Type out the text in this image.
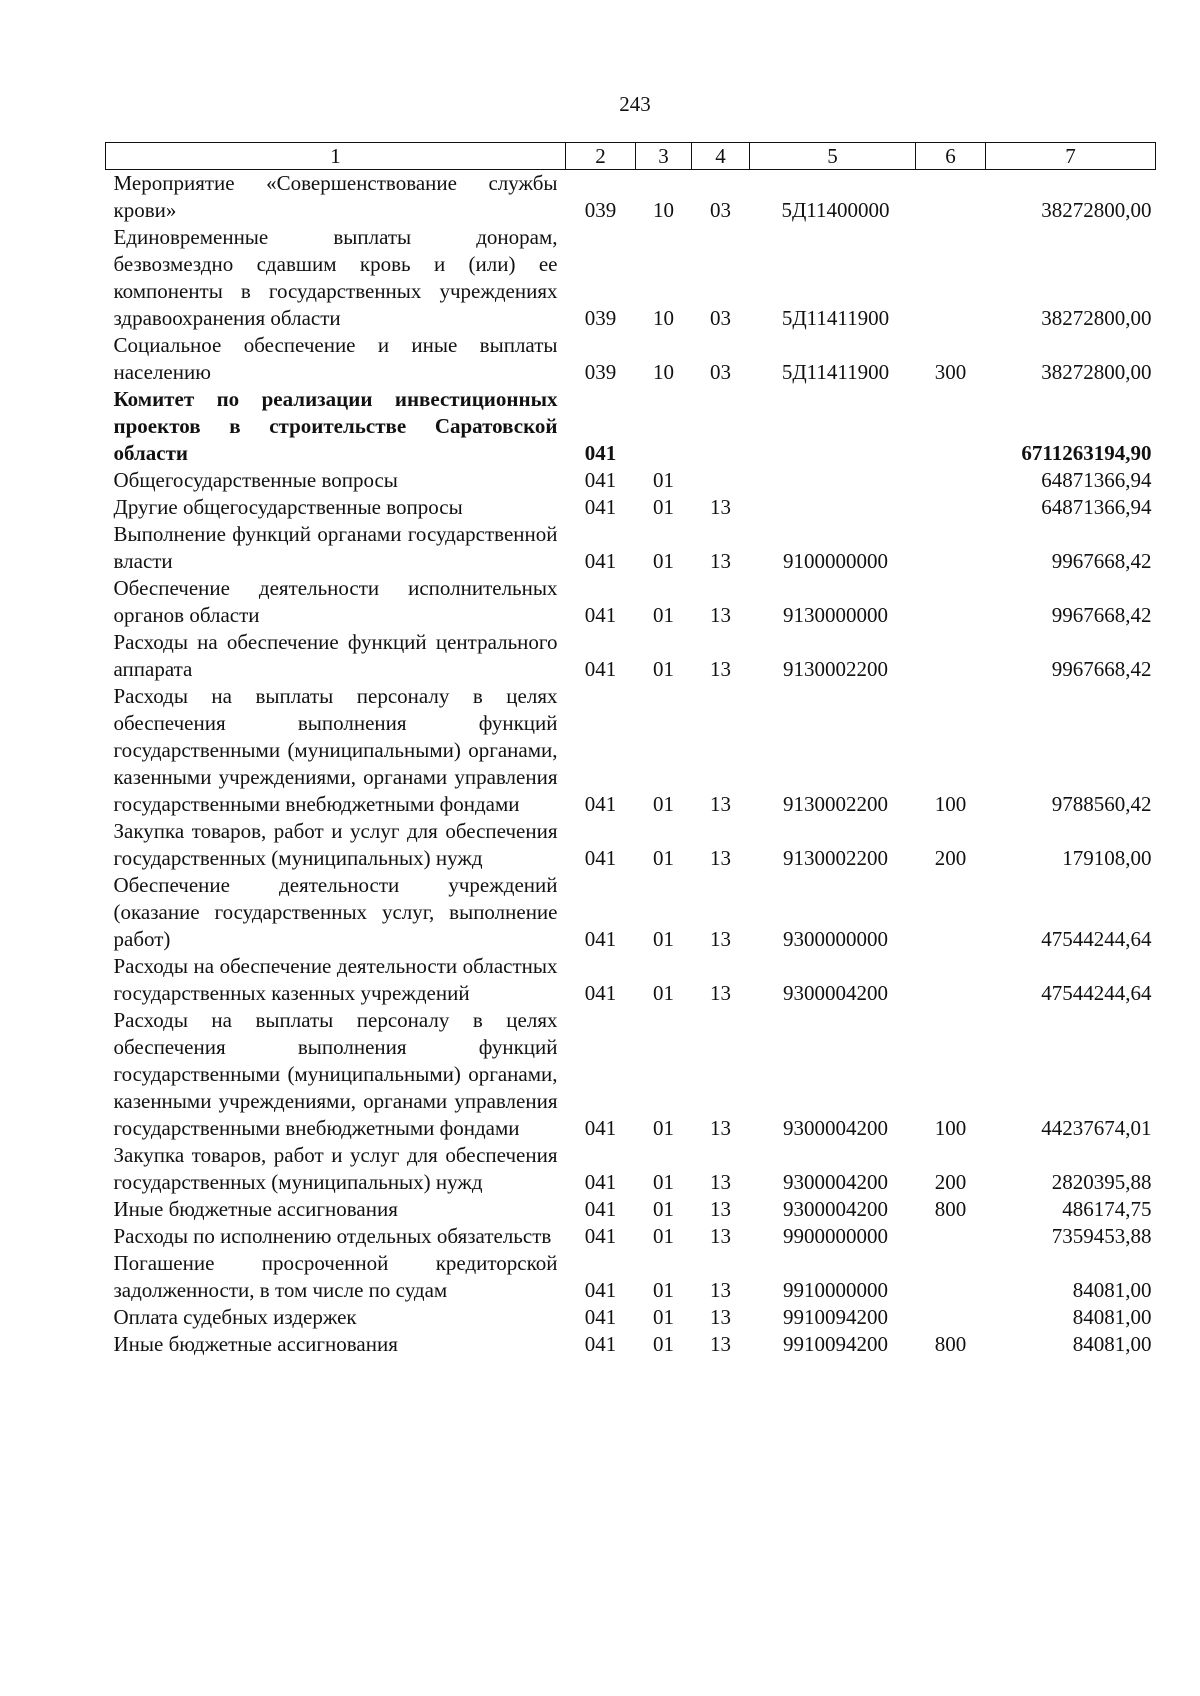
243
1	2	3	4	5	6	7
Мероприятие «Совершенствование службы крови»	039	10	03	5Д11400000		38272800,00
Единовременные выплаты донорам, безвозмездно сдавшим кровь и (или) ее компоненты в государственных учреждениях здравоохранения области	039	10	03	5Д11411900		38272800,00
Социальное обеспечение и иные выплаты населению	039	10	03	5Д11411900	300	38272800,00
Комитет по реализации инвестиционных проектов в строительстве Саратовской области	041					6711263194,90
Общегосударственные вопросы	041	01				64871366,94
Другие общегосударственные вопросы	041	01	13			64871366,94
Выполнение функций органами государственной власти	041	01	13	9100000000		9967668,42
Обеспечение деятельности исполнительных органов области	041	01	13	9130000000		9967668,42
Расходы на обеспечение функций центрального аппарата	041	01	13	9130002200		9967668,42
Расходы на выплаты персоналу в целях обеспечения выполнения функций государственными (муниципальными) органами, казенными учреждениями, органами управления государственными внебюджетными фондами	041	01	13	9130002200	100	9788560,42
Закупка товаров, работ и услуг для обеспечения государственных (муниципальных) нужд	041	01	13	9130002200	200	179108,00
Обеспечение деятельности учреждений (оказание государственных услуг, выполнение работ)	041	01	13	9300000000		47544244,64
Расходы на обеспечение деятельности областных государственных казенных учреждений	041	01	13	9300004200		47544244,64
Расходы на выплаты персоналу в целях обеспечения выполнения функций государственными (муниципальными) органами, казенными учреждениями, органами управления государственными внебюджетными фондами	041	01	13	9300004200	100	44237674,01
Закупка товаров, работ и услуг для обеспечения государственных (муниципальных) нужд	041	01	13	9300004200	200	2820395,88
Иные бюджетные ассигнования	041	01	13	9300004200	800	486174,75
Расходы по исполнению отдельных обязательств	041	01	13	9900000000		7359453,88
Погашение просроченной кредиторской задолженности, в том числе по судам	041	01	13	9910000000		84081,00
Оплата судебных издержек	041	01	13	9910094200		84081,00
Иные бюджетные ассигнования	041	01	13	9910094200	800	84081,00
